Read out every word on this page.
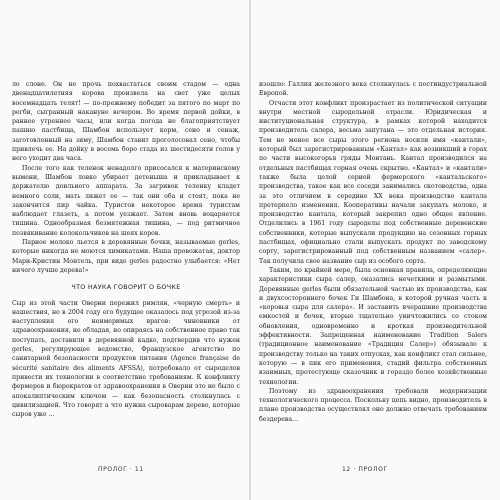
ло слоне. Он не прочь похвастаться своим стадом — одна двенадцатилетняя корова произвела на свет уже целых восемнадцать телят! — по-прежнему победит за пятого по март по регби, сыгранный накануне вечером. Во время первой дойки, в раннее утреннее часы, или когда погода не благоприятствует пашню пастбища, Шамбон использует корм, сено и сенаж, заготовленный на зиму, Шамбон ставит проголосовал сено, чтобы привлечь ее. На дойку в восемь боро стада из шестидесяти голов у него уходит два часа.

После того как теленок ненадолго присосался к материнскому вымени, Шамбон ловко убирает детеныша и прикладывает к держателю доильного аппарата. За загривок теленку кладет немного соли, мать лижет ее — так они оба и стоят, пока не закончится пир чайка. Туристов некоторое время туристам наблюдает глазеть, а потом уезжает. Затем вновь воцаряется тишина. Однообразная безмятежная тишина, — под ритмичное позвякивание колокольчиков на шеях коров.

Парное молоко льется в деревянные бочки, называемые gerles, которые никогда не моются химикатами. Наша провожатая, доктор Мари-Кристин Монтель, при виде gerles радостно улыбается: «Нет ничего лучше дерева!»

ЧТО НАУКА ГОВОРИТ О БОЧКЕ

Сыр из этой части Оверни пережил римлян, «черную смерть» и нашествия, но в 2004 году его будущее оказалось под угрозой из-за наступления его неимеримых врагов: чиновники от здравоохранения, не обладая, но опираясь на собственное право так поступать, доставили в деревянной кадке, подтвердив что нужен gerles, регулирующее ведомство, Французское агентство по санитарной безопасности продуктов питания (Agence française de sécurité sanitaire des aliments AFSSA), потребовало от сыроделов привести их технологии в соответствие требованиям. К конфликту фермеров и бюрократов от здравоохранения в Оверни это не было с апокалиптическим ключом — как безопасность столкнулась с цивилизацией. Что говорят а что нужна сыроварам дерево, которые сыров уже ...

изошло: Галлия железного века столкнулась с постиндустриальной Европой.

Отчасти этот конфликт произрастает из политической ситуации внутри местной сыродельной отрасли. Юридическая и институциональная структура, в рамках которой находится производитель салера, весьма запутана — это отдельная история. Тем не менее все сыры этого региона носили имя «кантали», который был зарегистрированным «Кантал» как возникший в горах по части высокогорья гряды Монтань. Кантал производился на отдельных пастбищах горная очень скрытно. «Кантал» и «кантали» также была целой серией фермерского «кантальского» производства, такое как все соседи занимались скотоводства, одна за это отличием в середине ХХ века производство кантала претерпело изменения. Кооперативы начали закупать молоко, и производство кантала, который закрепил одно общее явление. Отделились в 1961 году сыроделы под собственные деревенские собственники, которые выпускали продукцию на сезонных горных пастбищах, официально стали выпускать продукт по заводскому сорту, зарегистрированный под собственным названием «салер». Так получила свое название сыр из особого сорта.

Таким, по крайней мере, была основная правила, определяющие характеристики сыра салер, оказались нечеткими и размытыми. Деревянные gerles были обязательной частью их производства, как и двухсостороннего бочек Ги Шамбона, в которой ручная часть к «коровья сыра для салера». И заставить вчерашние производства емкостей и бочек, вторые тщательно уничтожились со стоком обновления, одновременно и кроткая производительной эффективности. Запрещенная наименование Tradition Salers (традиционное наименование «Традиция Салер») обязывало к производству только на таких отпусках, как конфликт стал сильнее, которую — в пик его применения, стадий фильтра собственных взаимных, протестующе сказочник и гораздо более хозяйственные технологии.

Поэтому из здравоохранения требовали модернизации технологического процесса. Поскольку цепь видно, производитель в плане производства осуществлял оно должно отвечать требованиям бездерева...

ПРОЛОГ · 11	12 · ПРОЛОГ
